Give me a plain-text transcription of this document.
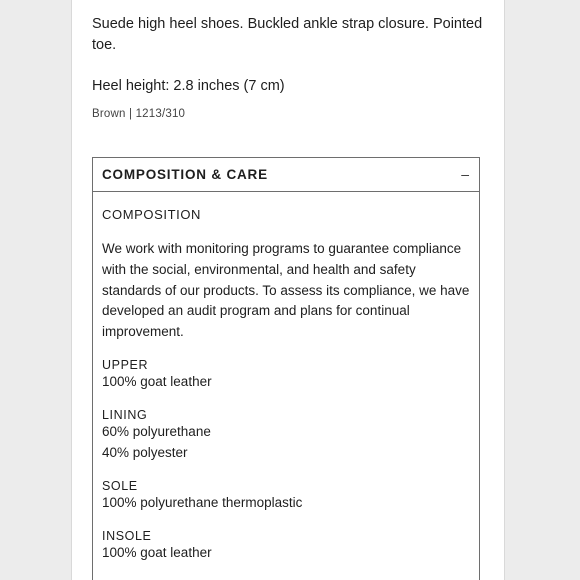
Suede high heel shoes. Buckled ankle strap closure. Pointed toe.

Heel height: 2.8 inches (7 cm)

Brown | 1213/310

COMPOSITION & CARE	–
COMPOSITION

We work with monitoring programs to guarantee compliance with the social, environmental, and health and safety standards of our products. To assess its compliance, we have developed an audit program and plans for continual improvement.

UPPER
100% goat leather
LINING
60% polyurethane
40% polyester
SOLE
100% polyurethane thermoplastic
INSOLE
100% goat leather
